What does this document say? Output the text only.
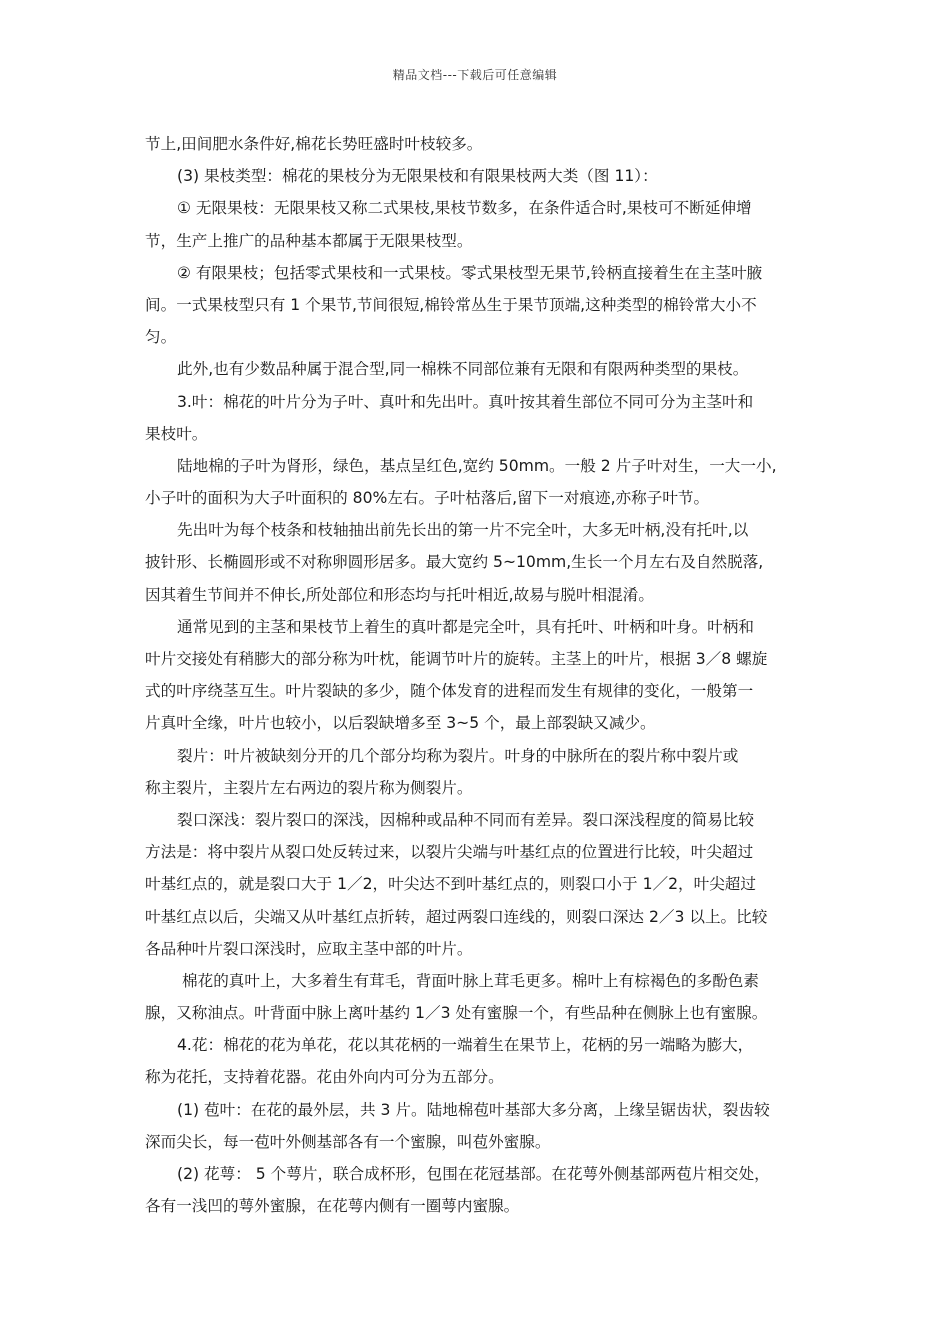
精品文档---下载后可任意编辑
节上,田间肥水条件好,棉花长势旺盛时叶枝较多。
(3) 果枝类型：棉花的果枝分为无限果枝和有限果枝两大类（图 11）：
① 无限果枝：无限果枝又称二式果枝,果枝节数多，在条件适合时,果枝可不断延伸增
节，生产上推广的品种基本都属于无限果枝型。
② 有限果枝；包括零式果枝和一式果枝。零式果枝型无果节,铃柄直接着生在主茎叶腋
间。一式果枝型只有 1 个果节,节间很短,棉铃常丛生于果节顶端,这种类型的棉铃常大小不
匀。
此外,也有少数品种属于混合型,同一棉株不同部位兼有无限和有限两种类型的果枝。
3.叶：棉花的叶片分为子叶、真叶和先出叶。真叶按其着生部位不同可分为主茎叶和
果枝叶。
陆地棉的子叶为肾形，绿色，基点呈红色,宽约 50mm。一般 2 片子叶对生，一大一小,
小子叶的面积为大子叶面积的 80%左右。子叶枯落后,留下一对痕迹,亦称子叶节。
先出叶为每个枝条和枝轴抽出前先长出的第一片不完全叶，大多无叶柄,没有托叶,以
披针形、长椭圆形或不对称卵圆形居多。最大宽约 5~10mm,生长一个月左右及自然脱落,
因其着生节间并不伸长,所处部位和形态均与托叶相近,故易与脱叶相混淆。
通常见到的主茎和果枝节上着生的真叶都是完全叶，具有托叶、叶柄和叶身。叶柄和
叶片交接处有稍膨大的部分称为叶枕，能调节叶片的旋转。主茎上的叶片，根据 3／8 螺旋
式的叶序绕茎互生。叶片裂缺的多少，随个体发育的进程而发生有规律的变化，一般第一
片真叶全缘，叶片也较小，以后裂缺增多至 3~5 个，最上部裂缺又减少。
裂片：叶片被缺刻分开的几个部分均称为裂片。叶身的中脉所在的裂片称中裂片或
称主裂片，主裂片左右两边的裂片称为侧裂片。
裂口深浅：裂片裂口的深浅，因棉种或品种不同而有差异。裂口深浅程度的简易比较
方法是：将中裂片从裂口处反转过来，以裂片尖端与叶基红点的位置进行比较，叶尖超过
叶基红点的，就是裂口大于 1／2，叶尖达不到叶基红点的，则裂口小于 1／2，叶尖超过
叶基红点以后，尖端又从叶基红点折转，超过两裂口连线的，则裂口深达 2／3 以上。比较
各品种叶片裂口深浅时，应取主茎中部的叶片。
棉花的真叶上，大多着生有茸毛，背面叶脉上茸毛更多。棉叶上有棕褐色的多酚色素
腺，又称油点。叶背面中脉上离叶基约 1／3 处有蜜腺一个，有些品种在侧脉上也有蜜腺。
4.花：棉花的花为单花，花以其花柄的一端着生在果节上，花柄的另一端略为膨大，
称为花托，支持着花器。花由外向内可分为五部分。
(1) 苞叶：在花的最外层，共 3 片。陆地棉苞叶基部大多分离，上缘呈锯齿状，裂齿较
深而尖长，每一苞叶外侧基部各有一个蜜腺，叫苞外蜜腺。
(2) 花萼： 5 个萼片，联合成杯形，包围在花冠基部。在花萼外侧基部两苞片相交处，
各有一浅凹的萼外蜜腺，在花萼内侧有一圈萼内蜜腺。
